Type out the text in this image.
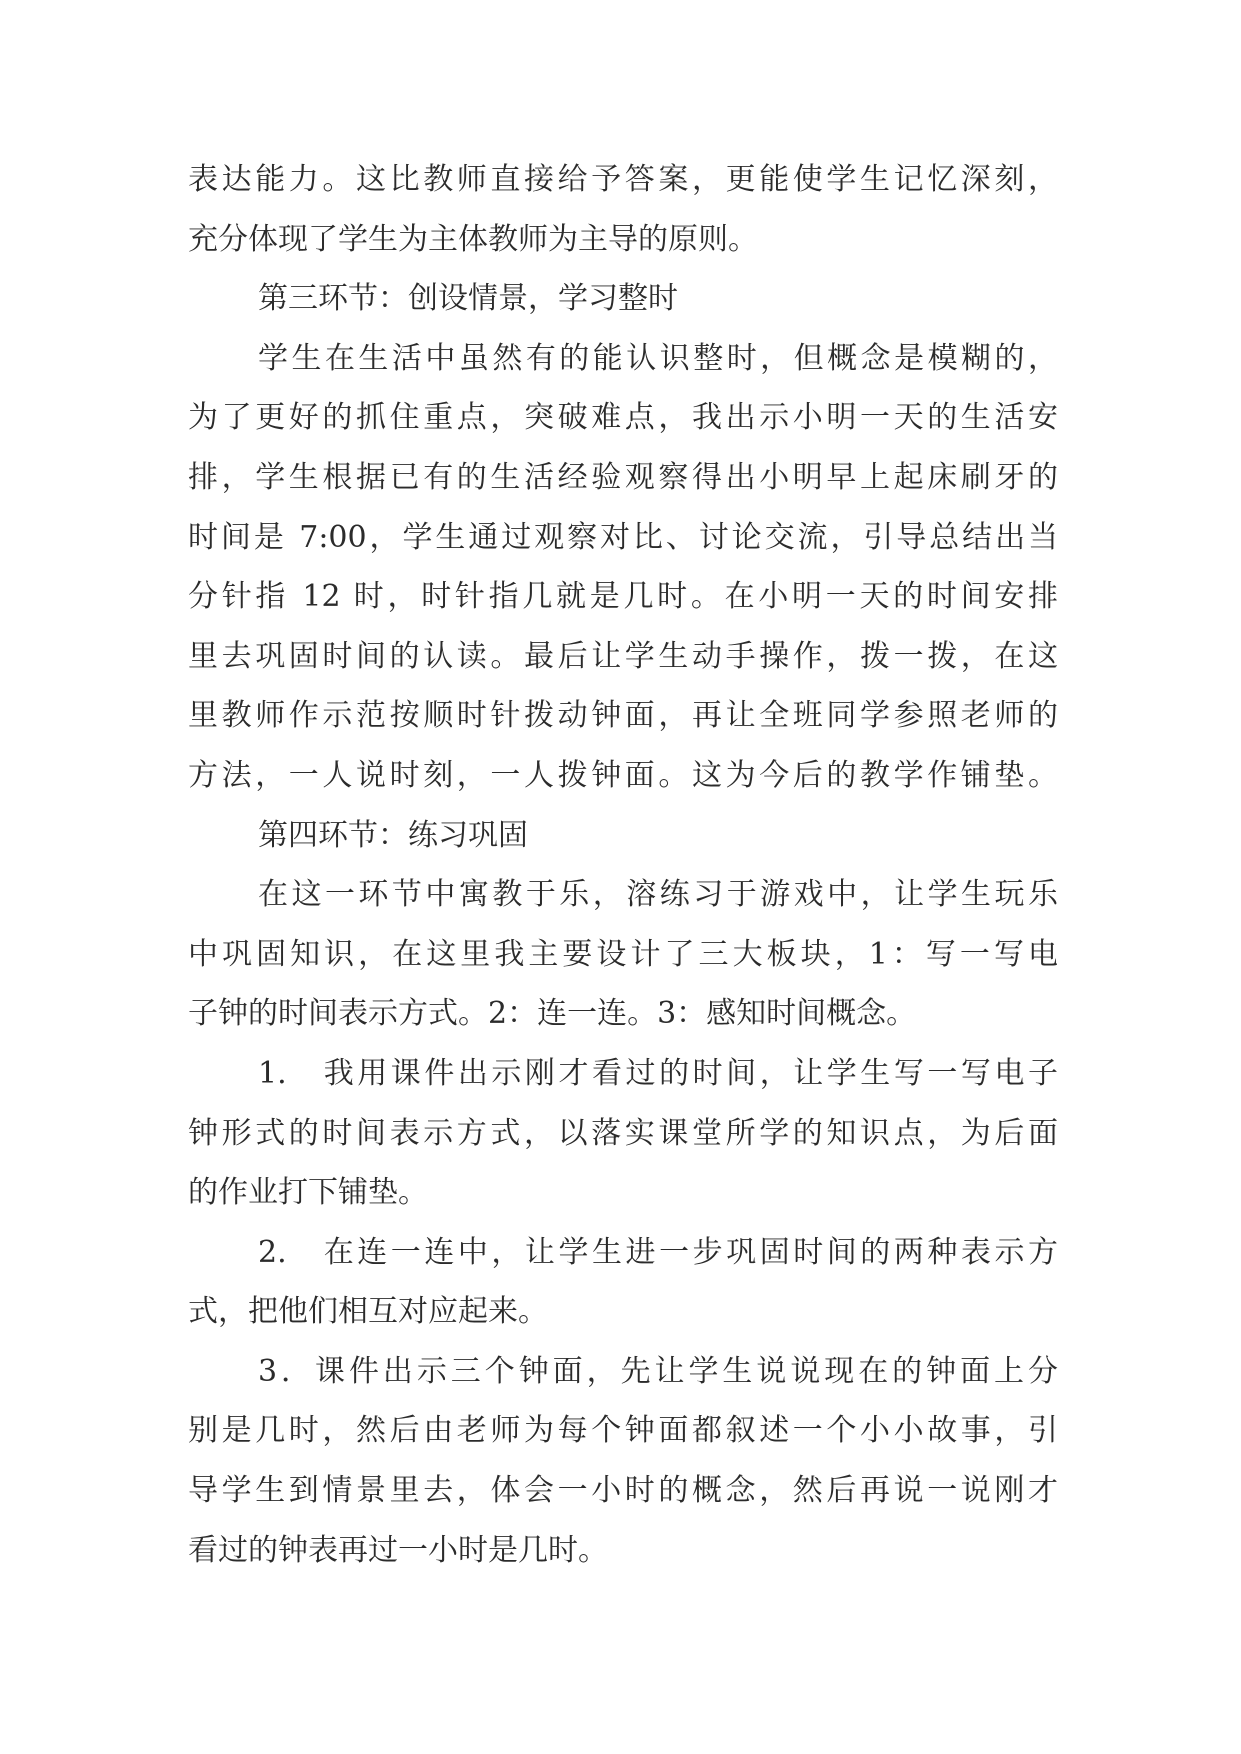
表达能力。这比教师直接给予答案，更能使学生记忆深刻，
充分体现了学生为主体教师为主导的原则。
第三环节：创设情景，学习整时
学生在生活中虽然有的能认识整时，但概念是模糊的，
为了更好的抓住重点，突破难点，我出示小明一天的生活安
排，学生根据已有的生活经验观察得出小明早上起床刷牙的
时间是 7:00，学生通过观察对比、讨论交流，引导总结出当
分针指 12 时，时针指几就是几时。在小明一天的时间安排
里去巩固时间的认读。最后让学生动手操作，拨一拨，在这
里教师作示范按顺时针拨动钟面，再让全班同学参照老师的
方法，一人说时刻，一人拨钟面。这为今后的教学作铺垫。
第四环节：练习巩固
在这一环节中寓教于乐，溶练习于游戏中，让学生玩乐
中巩固知识，在这里我主要设计了三大板块，1：写一写电
子钟的时间表示方式。2：连一连。3：感知时间概念。
1.　我用课件出示刚才看过的时间，让学生写一写电子
钟形式的时间表示方式，以落实课堂所学的知识点，为后面
的作业打下铺垫。
2.　在连一连中，让学生进一步巩固时间的两种表示方
式，把他们相互对应起来。
3．课件出示三个钟面，先让学生说说现在的钟面上分
别是几时，然后由老师为每个钟面都叙述一个小小故事，引
导学生到情景里去，体会一小时的概念，然后再说一说刚才
看过的钟表再过一小时是几时。
